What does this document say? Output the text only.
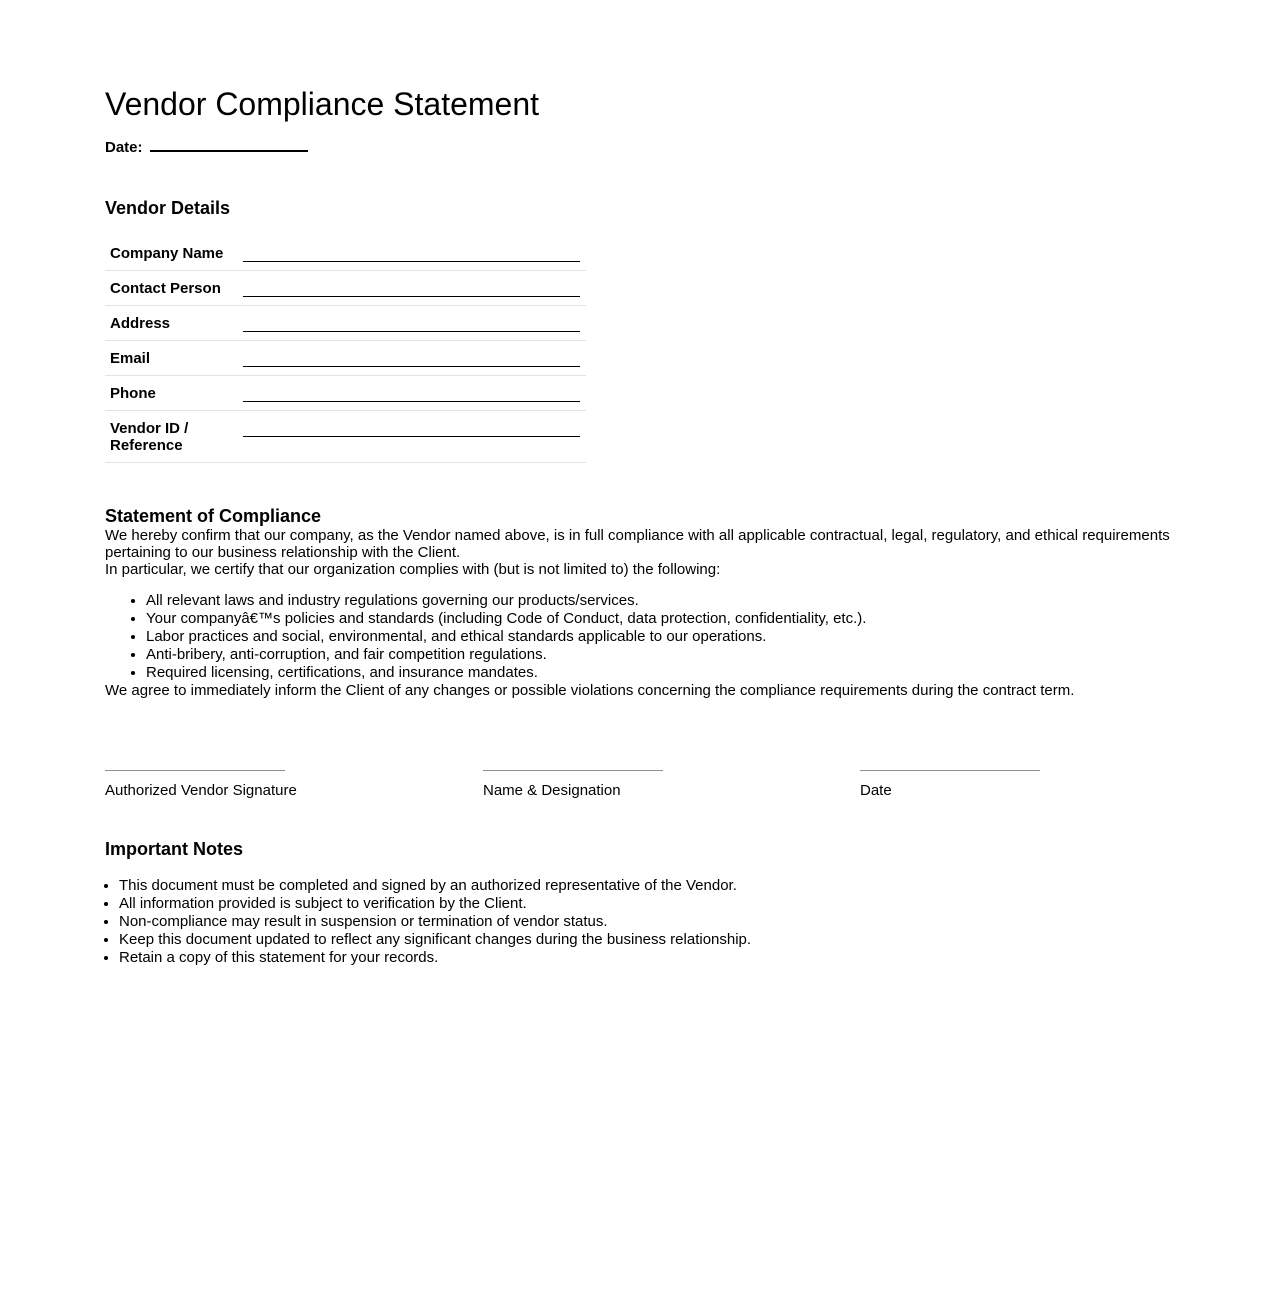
Vendor Compliance Statement
Date:
Vendor Details
Company Name
Contact Person
Address
Email
Phone
Vendor ID / Reference
Statement of Compliance

We hereby confirm that our company, as the Vendor named above, is in full compliance with all applicable contractual, legal, regulatory, and ethical requirements pertaining to our business relationship with the Client.

In particular, we certify that our organization complies with (but is not limited to) the following:

• All relevant laws and industry regulations governing our products/services.
• Your companyâ€™s policies and standards (including Code of Conduct, data protection, confidentiality, etc.).
• Labor practices and social, environmental, and ethical standards applicable to our operations.
• Anti-bribery, anti-corruption, and fair competition regulations.
• Required licensing, certifications, and insurance mandates.

We agree to immediately inform the Client of any changes or possible violations concerning the compliance requirements during the contract term.

Authorized Vendor Signature	Name & Designation	Date
Important Notes
• This document must be completed and signed by an authorized representative of the Vendor.
• All information provided is subject to verification by the Client.
• Non-compliance may result in suspension or termination of vendor status.
• Keep this document updated to reflect any significant changes during the business relationship.
• Retain a copy of this statement for your records.
